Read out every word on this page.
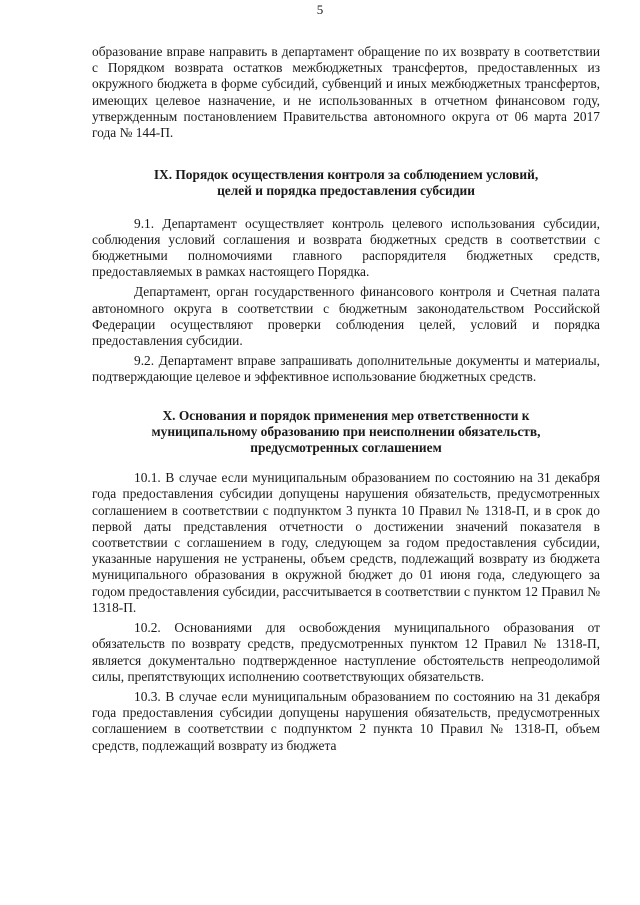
5

образование вправе направить в департамент обращение по их возврату в соответствии с Порядком возврата остатков межбюджетных трансфертов, предоставленных из окружного бюджета в форме субсидий, субвенций и иных межбюджетных трансфертов, имеющих целевое назначение, и не использованных в отчетном финансовом году, утвержденным постановлением Правительства автономного округа от 06 марта 2017 года № 144-П.

IX. Порядок осуществления контроля за соблюдением условий,
целей и порядка предоставления субсидии

9.1. Департамент осуществляет контроль целевого использования субсидии, соблюдения условий соглашения и возврата бюджетных средств в соответствии с бюджетными полномочиями главного распорядителя бюджетных средств, предоставляемых в рамках настоящего Порядка.

Департамент, орган государственного финансового контроля и Счетная палата автономного округа в соответствии с бюджетным законодательством Российской Федерации осуществляют проверки соблюдения целей, условий и порядка предоставления субсидии.

9.2. Департамент вправе запрашивать дополнительные документы и материалы, подтверждающие целевое и эффективное использование бюджетных средств.

X. Основания и порядок применения мер ответственности к
муниципальному образованию при неисполнении обязательств,
предусмотренных соглашением

10.1. В случае если муниципальным образованием по состоянию на 31 декабря года предоставления субсидии допущены нарушения обязательств, предусмотренных соглашением в соответствии с подпунктом 3 пункта 10 Правил № 1318-П, и в срок до первой даты представления отчетности о достижении значений показателя в соответствии с соглашением в году, следующем за годом предоставления субсидии, указанные нарушения не устранены, объем средств, подлежащий возврату из бюджета муниципального образования в окружной бюджет до 01 июня года, следующего за годом предоставления субсидии, рассчитывается в соответствии с пунктом 12 Правил № 1318-П.

10.2. Основаниями для освобождения муниципального образования от обязательств по возврату средств, предусмотренных пунктом 12 Правил № 1318-П, является документально подтвержденное наступление обстоятельств непреодолимой силы, препятствующих исполнению соответствующих обязательств.

10.3. В случае если муниципальным образованием по состоянию на 31 декабря года предоставления субсидии допущены нарушения обязательств, предусмотренных соглашением в соответствии с подпунктом 2 пункта 10 Правил № 1318-П, объем средств, подлежащий возврату из бюджета
